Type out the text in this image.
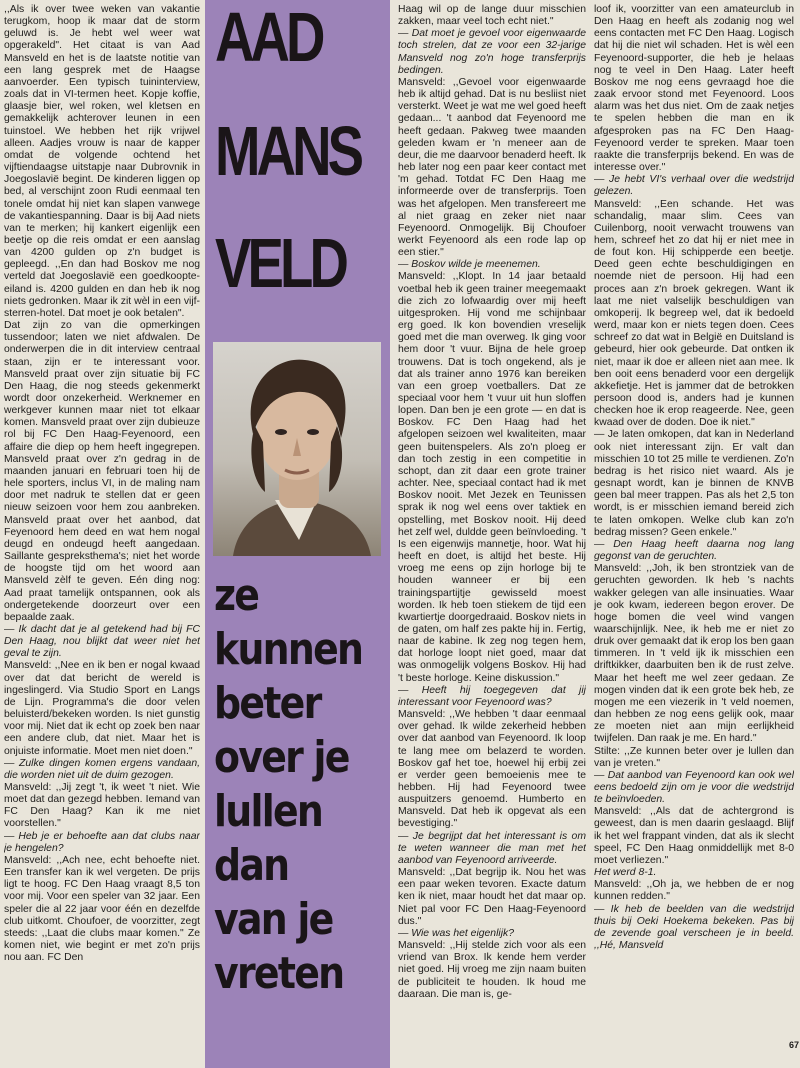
,,Als ik over twee weken van vakantie terugkom, hoop ik maar dat de storm geluwd is. Je hebt wel weer wat opgerakeld". Het citaat is van Aad Mansveld en het is de laatste notitie van een lang gesprek met de Haagse aanvoerder. Een typisch tuininterview, zoals dat in VI-termen heet. Kopje koffie, glaasje bier, wel roken, wel kletsen en gemakkelijk achterover leunen in een tuinstoel. We hebben het rijk vrijwel alleen. Aadjes vrouw is naar de kapper omdat de volgende ochtend het vijftiendaagse uitstapje naar Dubrovnik in Joegoslavië begint. De kinderen liggen op bed, al verschijnt zoon Rudi eenmaal ten tonele omdat hij niet kan slapen vanwege de vakantiespanning. Daar is bij Aad niets van te merken; hij kankert eigenlijk een beetje op die reis omdat er een aanslag van 4200 gulden op z'n budget is gepleegd. ,,En dan had Boskov me nog verteld dat Joegoslavië een goedkoopte-eiland is. 4200 gulden en dan heb ik nog niets gedronken. Maar ik zit wèl in een vijf-sterren-hotel. Dat moet je ook betalen".

Dat zijn zo van die opmerkingen tussendoor; laten we niet afdwalen. De onderwerpen die in dit interview centraal staan, zijn er te interessant voor. Mansveld praat over zijn situatie bij FC Den Haag, die nog steeds gekenmerkt wordt door onzekerheid. Werknemer en werkgever kunnen maar niet tot elkaar komen. Mansveld praat over zijn dubieuze rol bij FC Den Haag-Feyenoord, een affaire die diep op hem heeft ingegrepen. Mansveld praat over z'n gedrag in de maanden januari en februari toen hij de hele sporters, inclus VI, in de maling nam door met nadruk te stellen dat er geen nieuw seizoen voor hem zou aanbreken. Mansveld praat over het aanbod, dat Feyenoord hem deed en wat hem nogal deugd en ondeugd heeft aangedaan. Saillante gespreksthema's; niet het worde de hoogste tijd om het woord aan Mansveld zèlf te geven. Eén ding nog: Aad praat tamelijk ontspannen, ook als ondergetekende doorzeurt over een bepaalde zaak.

— Ik dacht dat je al getekend had bij FC Den Haag, nou blijkt dat weer niet het geval te zijn.

Mansveld: ,,Nee en ik ben er nogal kwaad over dat dat bericht de wereld is ingeslingerd. Via Studio Sport en Langs de Lijn. Programma's die door velen beluisterd/bekeken worden. Is niet gunstig voor mij. Niet dat ik echt op zoek ben naar een andere club, dat niet. Maar het is onjuiste informatie. Moet men niet doen."

— Zulke dingen komen ergens vandaan, die worden niet uit de duim gezogen.

Mansveld: ,,Jij zegt 't, ik weet 't niet. Wie moet dat dan gezegd hebben. Iemand van FC Den Haag? Kan ik me niet voorstellen."

— Heb je er behoefte aan dat clubs naar je hengelen?

Mansveld: ,,Ach nee, echt behoefte niet. Een transfer kan ik wel vergeten. De prijs ligt te hoog. FC Den Haag vraagt 8,5 ton voor mij. Voor een speler van 32 jaar. Een speler die al 22 jaar voor één en dezelfde club uitkomt. Choufoer, de voorzitter, zegt steeds: ,,Laat die clubs maar komen." Ze komen niet, wie begint er met zo'n prijs nou aan. FC Den

AAD
MANS
VELD
ze
kunnen
beter
over je
lullen
dan
van je
vreten

Haag wil op de lange duur misschien zakken, maar veel toch echt niet."

— Dat moet je gevoel voor eigenwaarde toch strelen, dat ze voor een 32-jarige Mansveld nog zo'n hoge transferprijs bedingen.

Mansveld: ,,Gevoel voor eigenwaarde heb ik altijd gehad. Dat is nu besliist niet versterkt. Weet je wat me wel goed heeft gedaan... 't aanbod dat Feyenoord me heeft gedaan. Pakweg twee maanden geleden kwam er 'n meneer aan de deur, die me daarvoor benaderd heeft. Ik heb later nog een paar keer contact met 'm gehad. Totdat FC Den Haag me informeerde over de transferprijs. Toen was het afgelopen. Men transfereert me al niet graag en zeker niet naar Feyenoord. Onmogelijk. Bij Choufoer werkt Feyenoord als een rode lap op een stier."

— Boskov wilde je meenemen.

Mansveld: ,,Klopt. In 14 jaar betaald voetbal heb ik geen trainer meegemaakt die zich zo lofwaardig over mij heeft uitgesproken. Hij vond me schijnbaar erg goed. Ik kon bovendien vreselijk goed met die man overweg. Ik ging voor hem door 't vuur. Bijna de hele groep trouwens. Dat is toch ongekend, als je dat als trainer anno 1976 kan bereiken van een groep voetballers. Dat ze speciaal voor hem 't vuur uit hun sloffen lopen. Dan ben je een grote — en dat is Boskov. FC Den Haag had het afgelopen seizoen wel kwaliteiten, maar geen buitenspelers. Als zo'n ploeg er dan toch zestig in een competitie in schopt, dan zit daar een grote trainer achter. Nee, speciaal contact had ik met Boskov nooit. Met Jezek en Teunissen sprak ik nog wel eens over taktiek en opstelling, met Boskov nooit. Hij deed het zelf wel, duldde geen beïnvloeding. 't Is een eigenwijs mannetje, hoor. Wat hij heeft en doet, is altijd het beste. Hij vroeg me eens op zijn horloge bij te houden wanneer er bij een trainingspartijtje gewisseld moest worden. Ik heb toen stiekem de tijd een kwartiertje doorgedraaid. Boskov niets in de gaten, om half zes pakte hij in. Fertig, naar de kabine. Ik zeg nog tegen hem, dat horloge loopt niet goed, maar dat was onmogelijk volgens Boskov. Hij had 't beste horloge. Keine diskussion."

— Heeft hij toegegeven dat jij interessant voor Feyenoord was?

Mansveld: ,,We hebben 't daar eenmaal over gehad. Ik wilde zekerheid hebben over dat aanbod van Feyenoord. Ik loop te lang mee om belazerd te worden. Boskov gaf het toe, hoewel hij erbij zei er verder geen bemoeienis mee te hebben. Hij had Feyenoord twee auspuitzers genoemd. Humberto en Mansveld. Dat heb ik opgevat als een bevestiging."

— Je begrijpt dat het interessant is om te weten wanneer die man met het aanbod van Feyenoord arriveerde.

Mansveld: ,,Dat begrijp ik. Nou het was een paar weken tevoren. Exacte datum ken ik niet, maar houdt het dat maar op. Niet pal voor FC Den Haag-Feyenoord dus."

— Wie was het eigenlijk?

Mansveld: ,,Hij stelde zich voor als een vriend van Brox. Ik kende hem verder niet goed. Hij vroeg me zijn naam buiten de publiciteit te houden. Ik houd me daaraan. Die man is, ge-

loof ik, voorzitter van een amateurclub in Den Haag en heeft als zodanig nog wel eens contacten met FC Den Haag. Logisch dat hij die niet wil schaden. Het is wèl een Feyenoord-supporter, die heb je helaas nog te veel in Den Haag. Later heeft Boskov me nog eens gevraagd hoe die zaak ervoor stond met Feyenoord. Loos alarm was het dus niet. Om de zaak netjes te spelen hebben die man en ik afgesproken pas na FC Den Haag-Feyenoord verder te spreken. Maar toen raakte die transferprijs bekend. En was de interesse over."

— Je hebt VI's verhaal over die wedstrijd gelezen.

Mansveld: ,,Een schande. Het was schandalig, maar slim. Cees van Cuilenborg, nooit verwacht trouwens van hem, schreef het zo dat hij er niet mee in de fout kon. Hij schipperde een beetje. Deed geen echte beschuldigingen en noemde niet de persoon. Hij had een proces aan z'n broek gekregen. Want ik laat me niet valselijk beschuldigen van omkoperij. Ik begreep wel, dat ik bedoeld werd, maar kon er niets tegen doen. Cees schreef zo dat wat in België en Duitsland is gebeurd, hier ook gebeurde. Dat ontken ik niet, maar ik doe er alleen niet aan mee. Ik ben ooit eens benaderd voor een dergelijk akkefietje. Het is jammer dat de betrokken persoon dood is, anders had je kunnen checken hoe ik erop reageerde. Nee, geen kwaad over de doden. Doe ik niet."

— Je laten omkopen, dat kan in Nederland ook niet interessant zijn. Er valt dan misschien 10 tot 25 mille te verdienen. Zo'n bedrag is het risico niet waard. Als je gesnapt wordt, kan je binnen de KNVB geen bal meer trappen. Pas als het 2,5 ton wordt, is er misschien iemand bereid zich te laten omkopen. Welke club kan zo'n bedrag missen? Geen enkele."

— Den Haag heeft daarna nog lang gegonst van de geruchten.

Mansveld: ,,Joh, ik ben strontziek van de geruchten geworden. Ik heb 's nachts wakker gelegen van alle insinuaties. Waar je ook kwam, iedereen begon erover. De hoge bomen die veel wind vangen waarschijnlijk. Nee, ik heb me er niet zo druk over gemaakt dat ik erop los ben gaan timmeren. In 't veld ijk ik misschien een driftkikker, daarbuiten ben ik de rust zelve. Maar het heeft me wel zeer gedaan. Ze mogen vinden dat ik een grote bek heb, ze mogen me een viezerik in 't veld noemen, dan hebben ze nog eens gelijk ook, maar ze moeten niet aan mijn eerlijkheid twijfelen. Dan raak je me. En hard."

Stilte: ,,Ze kunnen beter over je lullen dan van je vreten."

— Dat aanbod van Feyenoord kan ook wel eens bedoeld zijn om je voor die wedstrijd te beïnvloeden.

Mansveld: ,,Als dat de achtergrond is geweest, dan is men daarin geslaagd. Blijf ik het wel frappant vinden, dat als ik slecht speel, FC Den Haag onmiddellijk met 8-0 moet verliezen."

Het werd 8-1.

Mansveld: ,,Oh ja, we hebben de er nog kunnen redden."

— Ik heb de beelden van die wedstrijd thuis bij Oeki Hoekema bekeken. Pas bij de zevende goal verscheen je in beeld. ,,Hé, Mansveld

67
